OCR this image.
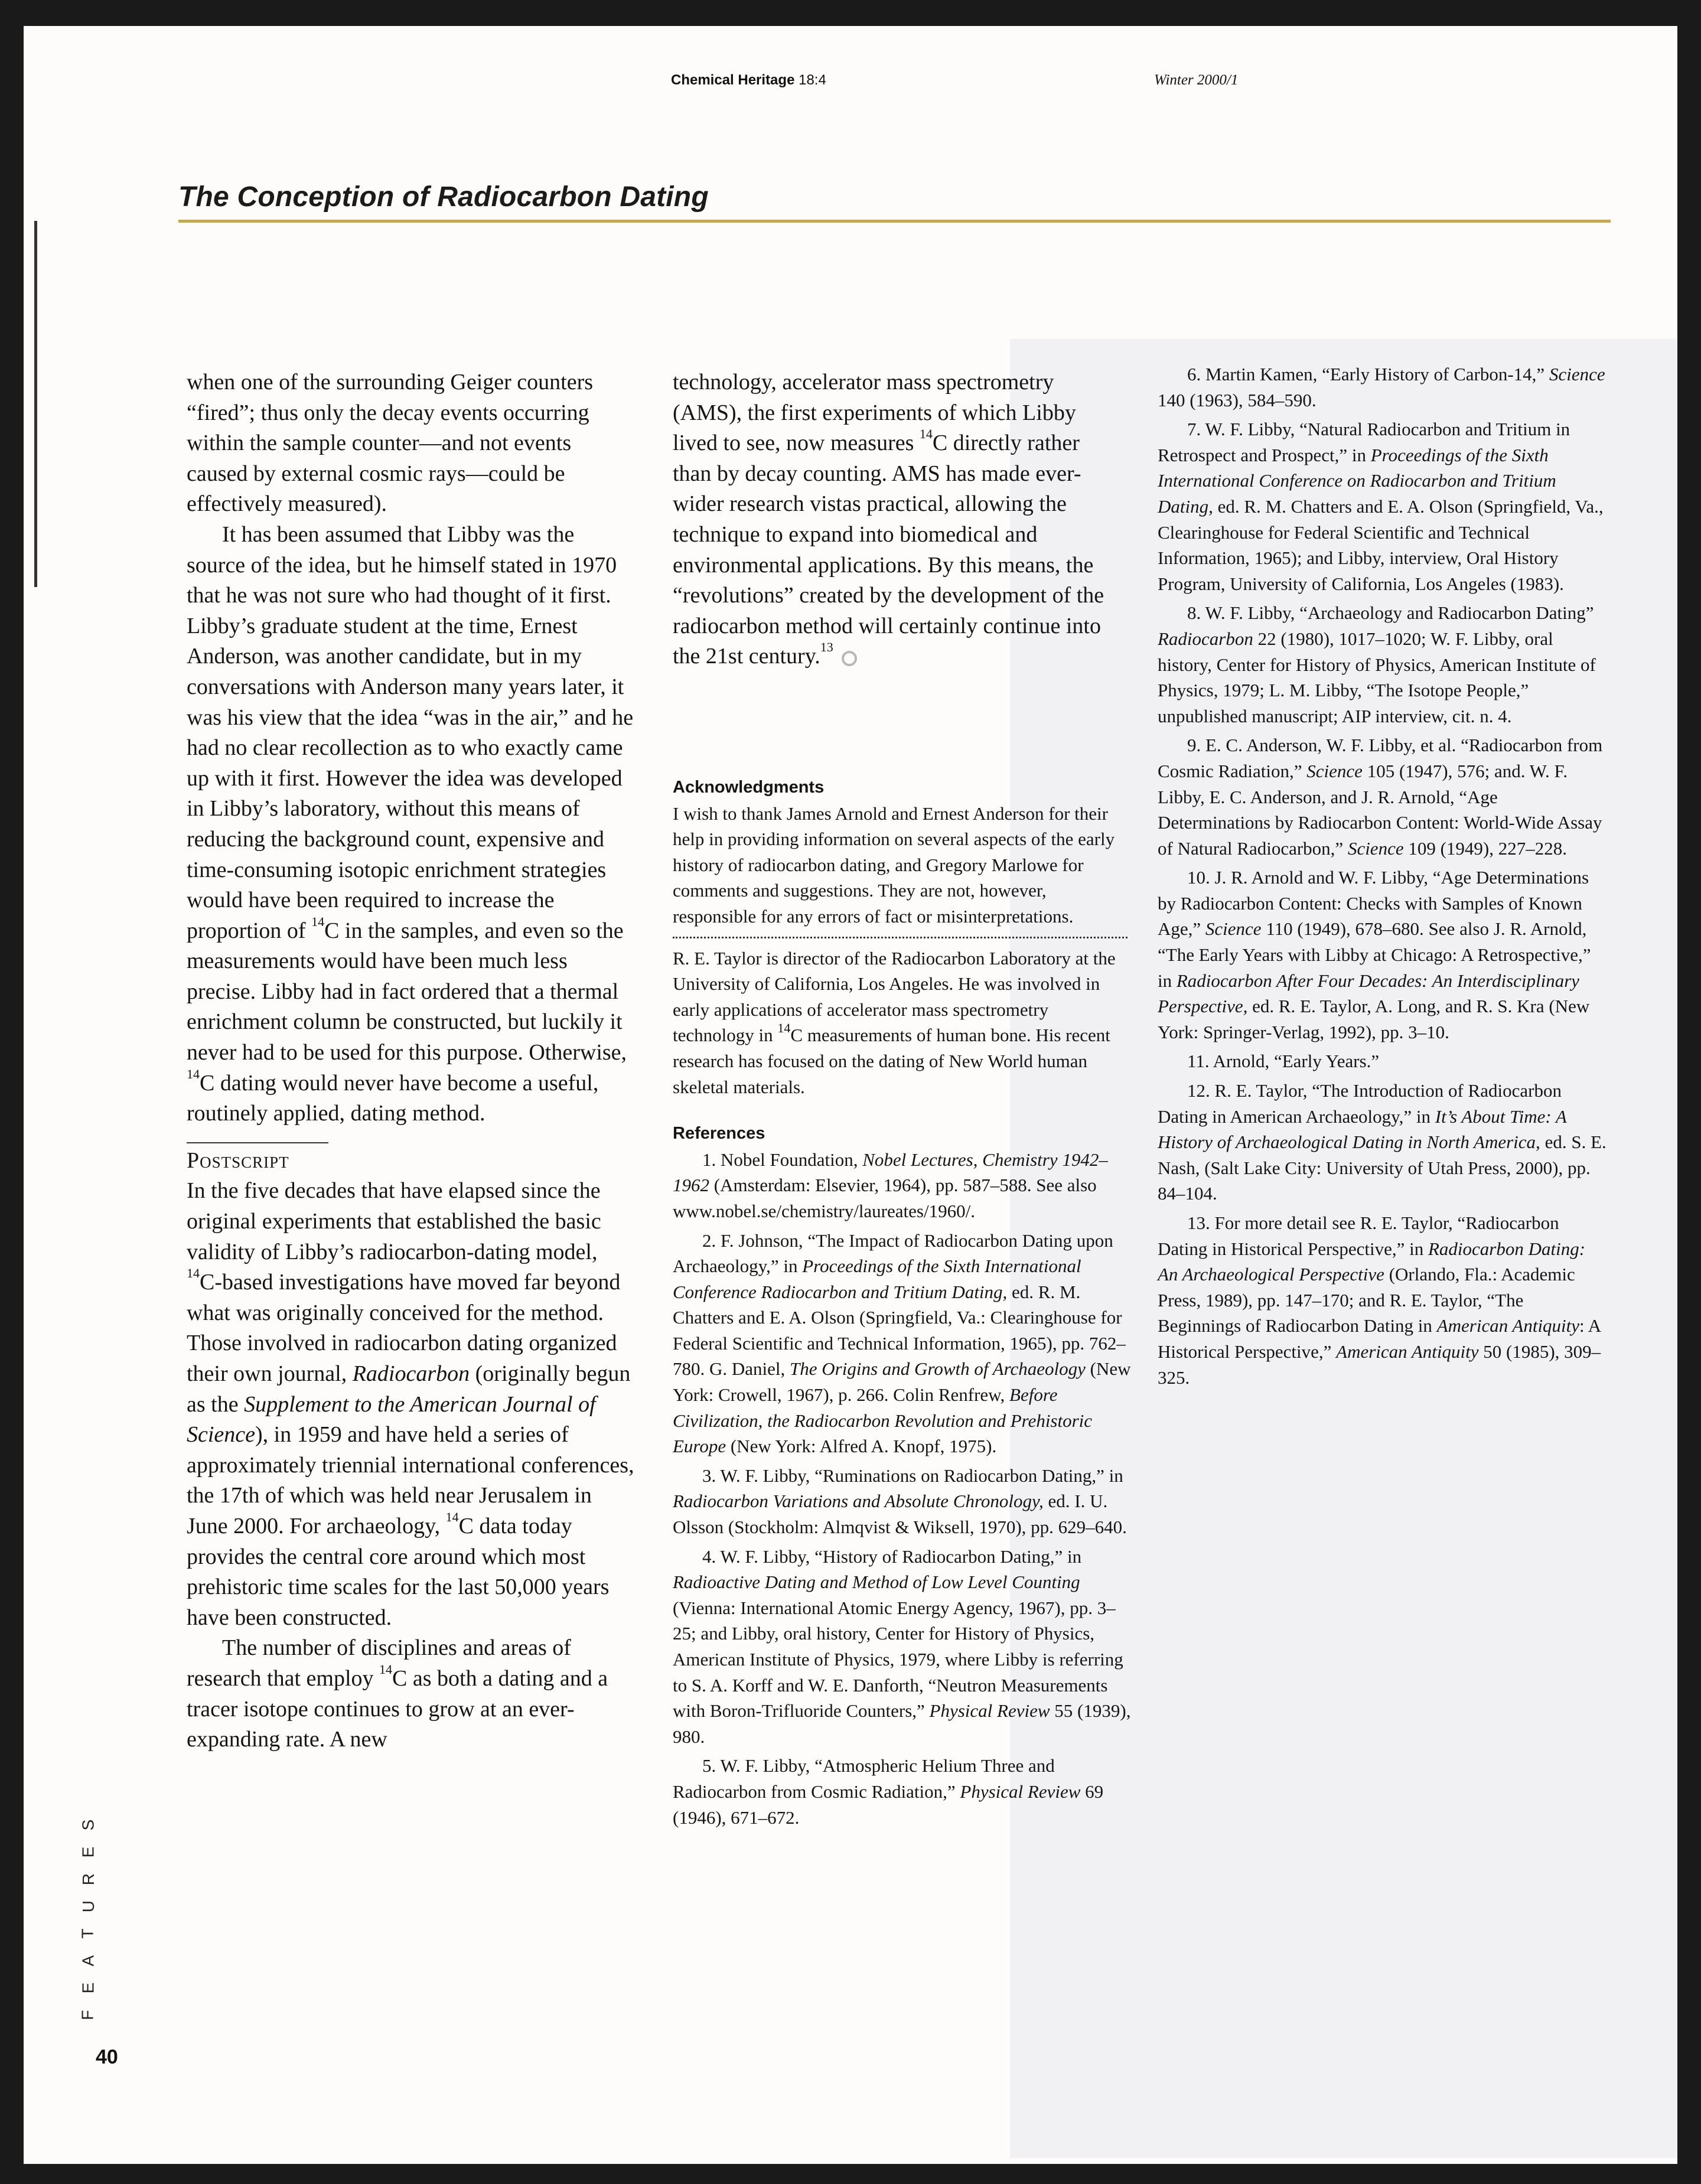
Chemical Heritage 18:4	Winter 2000/1
The Conception of Radiocarbon Dating

when one of the surrounding Geiger counters “fired”; thus only the decay events occurring within the sample counter—and not events caused by external cosmic rays—could be effectively measured).

It has been assumed that Libby was the source of the idea, but he himself stated in 1970 that he was not sure who had thought of it first. Libby’s graduate student at the time, Ernest Anderson, was another candidate, but in my conversations with Anderson many years later, it was his view that the idea “was in the air,” and he had no clear recollection as to who exactly came up with it first. However the idea was developed in Libby’s laboratory, without this means of reducing the background count, expensive and time-consuming isotopic enrichment strategies would have been required to increase the proportion of $^{14}$C in the samples, and even so the measurements would have been much less precise. Libby had in fact ordered that a thermal enrichment column be constructed, but luckily it never had to be used for this purpose. Otherwise, $^{14}$C dating would never have become a useful, routinely applied, dating method.

Postscript

In the five decades that have elapsed since the original experiments that established the basic validity of Libby’s radiocarbon-dating model, $^{14}$C-based investigations have moved far beyond what was originally conceived for the method. Those involved in radiocarbon dating organized their own journal, Radiocarbon (originally begun as the Supplement to the American Journal of Science), in 1959 and have held a series of approximately triennial international conferences, the 17th of which was held near Jerusalem in June 2000. For archaeology, $^{14}$C data today provides the central core around which most prehistoric time scales for the last 50,000 years have been constructed.

The number of disciplines and areas of research that employ $^{14}$C as both a dating and a tracer isotope continues to grow at an ever-expanding rate. A new

technology, accelerator mass spectrometry (AMS), the first experiments of which Libby lived to see, now measures $^{14}$C directly rather than by decay counting. AMS has made ever-wider research vistas practical, allowing the technique to expand into biomedical and environmental applications. By this means, the “revolutions” created by the development of the radiocarbon method will certainly continue into the 21st century.$^{13}$

Acknowledgments

I wish to thank James Arnold and Ernest Anderson for their help in providing information on several aspects of the early history of radiocarbon dating, and Gregory Marlowe for comments and suggestions. They are not, however, responsible for any errors of fact or misinterpretations.

R. E. Taylor is director of the Radiocarbon Laboratory at the University of California, Los Angeles. He was involved in early applications of accelerator mass spectrometry technology in $^{14}$C measurements of human bone. His recent research has focused on the dating of New World human skeletal materials.

References

1. Nobel Foundation, Nobel Lectures, Chemistry 1942–1962 (Amsterdam: Elsevier, 1964), pp. 587–588. See also www.nobel.se/chemistry/laureates/1960/.

2. F. Johnson, “The Impact of Radiocarbon Dating upon Archaeology,” in Proceedings of the Sixth International Conference Radiocarbon and Tritium Dating, ed. R. M. Chatters and E. A. Olson (Springfield, Va.: Clearinghouse for Federal Scientific and Technical Information, 1965), pp. 762–780. G. Daniel, The Origins and Growth of Archaeology (New York: Crowell, 1967), p. 266. Colin Renfrew, Before Civilization, the Radiocarbon Revolution and Prehistoric Europe (New York: Alfred A. Knopf, 1975).

3. W. F. Libby, “Ruminations on Radiocarbon Dating,” in Radiocarbon Variations and Absolute Chronology, ed. I. U. Olsson (Stockholm: Almqvist & Wiksell, 1970), pp. 629–640.

4. W. F. Libby, “History of Radiocarbon Dating,” in Radioactive Dating and Method of Low Level Counting (Vienna: International Atomic Energy Agency, 1967), pp. 3–25; and Libby, oral history, Center for History of Physics, American Institute of Physics, 1979, where Libby is referring to S. A. Korff and W. E. Danforth, “Neutron Measurements with Boron-Trifluoride Counters,” Physical Review 55 (1939), 980.

5. W. F. Libby, “Atmospheric Helium Three and Radiocarbon from Cosmic Radiation,” Physical Review 69 (1946), 671–672.

6. Martin Kamen, “Early History of Carbon-14,” Science 140 (1963), 584–590.

7. W. F. Libby, “Natural Radiocarbon and Tritium in Retrospect and Prospect,” in Proceedings of the Sixth International Conference on Radiocarbon and Tritium Dating, ed. R. M. Chatters and E. A. Olson (Springfield, Va., Clearinghouse for Federal Scientific and Technical Information, 1965); and Libby, interview, Oral History Program, University of California, Los Angeles (1983).

8. W. F. Libby, “Archaeology and Radiocarbon Dating” Radiocarbon 22 (1980), 1017–1020; W. F. Libby, oral history, Center for History of Physics, American Institute of Physics, 1979; L. M. Libby, “The Isotope People,” unpublished manuscript; AIP interview, cit. n. 4.

9. E. C. Anderson, W. F. Libby, et al. “Radiocarbon from Cosmic Radiation,” Science 105 (1947), 576; and. W. F. Libby, E. C. Anderson, and J. R. Arnold, “Age Determinations by Radiocarbon Content: World-Wide Assay of Natural Radiocarbon,” Science 109 (1949), 227–228.

10. J. R. Arnold and W. F. Libby, “Age Determinations by Radiocarbon Content: Checks with Samples of Known Age,” Science 110 (1949), 678–680. See also J. R. Arnold, “The Early Years with Libby at Chicago: A Retrospective,” in Radiocarbon After Four Decades: An Interdisciplinary Perspective, ed. R. E. Taylor, A. Long, and R. S. Kra (New York: Springer-Verlag, 1992), pp. 3–10.

11. Arnold, “Early Years.”

12. R. E. Taylor, “The Introduction of Radiocarbon Dating in American Archaeology,” in It’s About Time: A History of Archaeological Dating in North America, ed. S. E. Nash, (Salt Lake City: University of Utah Press, 2000), pp. 84–104.

13. For more detail see R. E. Taylor, “Radiocarbon Dating in Historical Perspective,” in Radiocarbon Dating: An Archaeological Perspective (Orlando, Fla.: Academic Press, 1989), pp. 147–170; and R. E. Taylor, “The Beginnings of Radiocarbon Dating in American Antiquity: A Historical Perspective,” American Antiquity 50 (1985), 309–325.

S
E
R
U
T
A
E
F
40
